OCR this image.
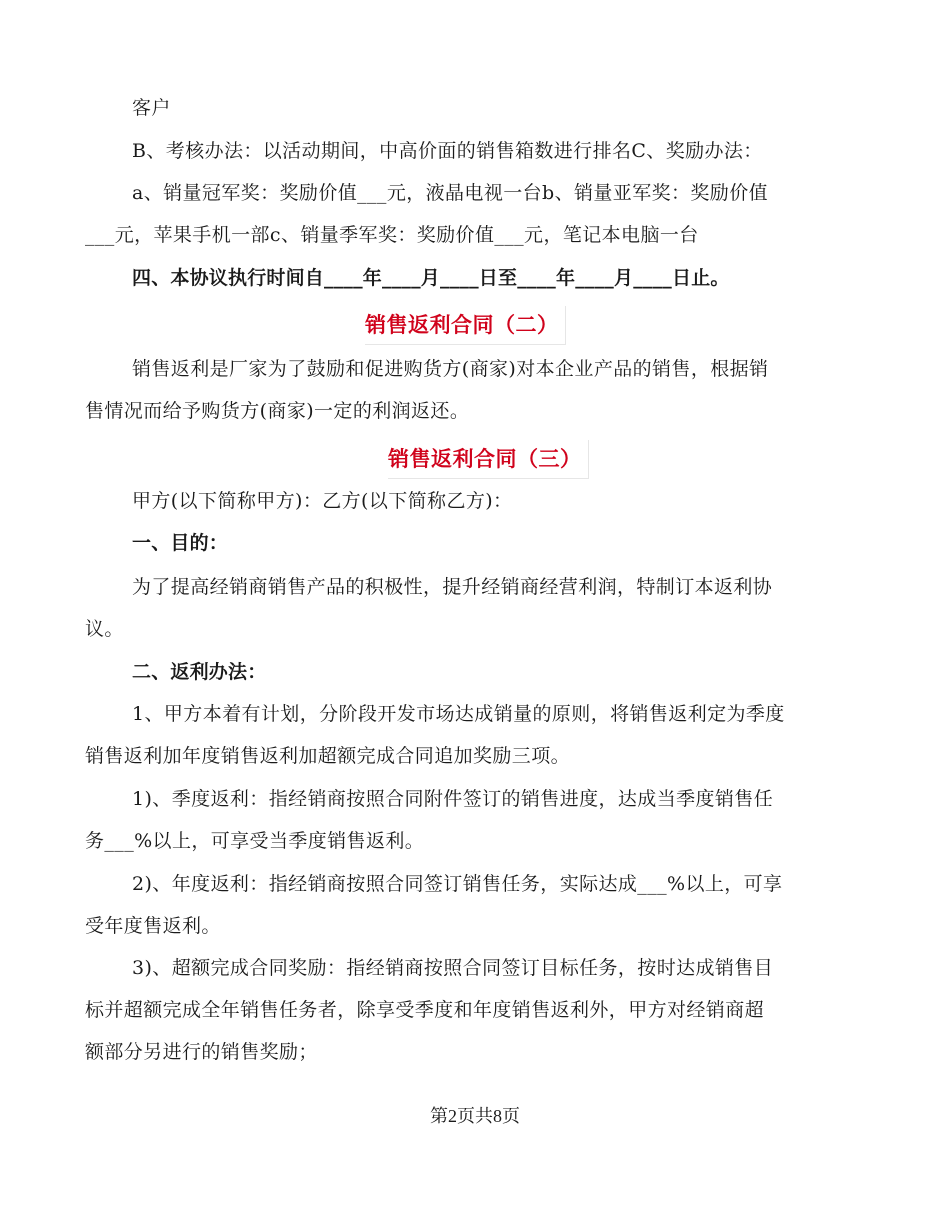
客户
B、考核办法：以活动期间，中高价面的销售箱数进行排名C、奖励办法：
a、销量冠军奖：奖励价值___元，液晶电视一台b、销量亚军奖：奖励价值
___元，苹果手机一部c、销量季军奖：奖励价值___元，笔记本电脑一台
四、本协议执行时间自____年____月____日至____年____月____日止。
销售返利合同（二）
销售返利是厂家为了鼓励和促进购货方(商家)对本企业产品的销售，根据销
售情况而给予购货方(商家)一定的利润返还。
销售返利合同（三）
甲方(以下简称甲方)：乙方(以下简称乙方)：
一、目的：
为了提高经销商销售产品的积极性，提升经销商经营利润，特制订本返利协
议。
二、返利办法：
1、甲方本着有计划，分阶段开发市场达成销量的原则，将销售返利定为季度
销售返利加年度销售返利加超额完成合同追加奖励三项。
1)、季度返利：指经销商按照合同附件签订的销售进度，达成当季度销售任
务___%以上，可享受当季度销售返利。
2)、年度返利：指经销商按照合同签订销售任务，实际达成___%以上，可享
受年度售返利。
3)、超额完成合同奖励：指经销商按照合同签订目标任务，按时达成销售目
标并超额完成全年销售任务者，除享受季度和年度销售返利外，甲方对经销商超
额部分另进行的销售奖励；
第2页共8页
